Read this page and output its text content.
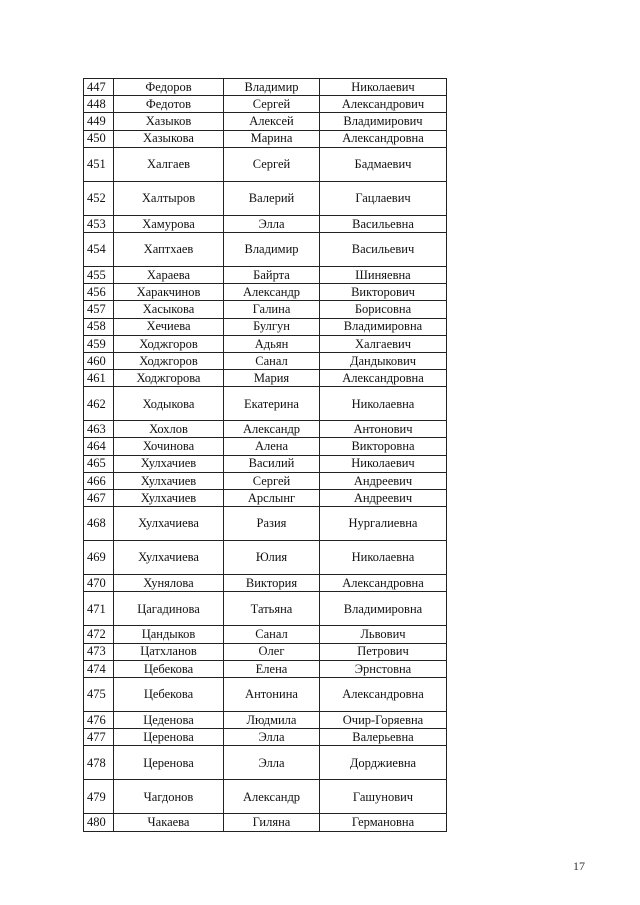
447	Федоров	Владимир	Николаевич
448	Федотов	Сергей	Александрович
449	Хазыков	Алексей	Владимирович
450	Хазыкова	Марина	Александровна
451	Халгаев	Сергей	Бадмаевич
452	Халтыров	Валерий	Гацлаевич
453	Хамурова	Элла	Васильевна
454	Хаптхаев	Владимир	Васильевич
455	Хараева	Байрта	Шиняевна
456	Харакчинов	Александр	Викторович
457	Хасыкова	Галина	Борисовна
458	Хечиева	Булгун	Владимировна
459	Ходжгоров	Адьян	Халгаевич
460	Ходжгоров	Санал	Дандыкович
461	Ходжгорова	Мария	Александровна
462	Ходыкова	Екатерина	Николаевна
463	Хохлов	Александр	Антонович
464	Хочинова	Алена	Викторовна
465	Хулхачиев	Василий	Николаевич
466	Хулхачиев	Сергей	Андреевич
467	Хулхачиев	Арслынг	Андреевич
468	Хулхачиева	Разия	Нургалиевна
469	Хулхачиева	Юлия	Николаевна
470	Хунялова	Виктория	Александровна
471	Цагадинова	Татьяна	Владимировна
472	Цандыков	Санал	Львович
473	Цатхланов	Олег	Петрович
474	Цебекова	Елена	Эрнстовна
475	Цебекова	Антонина	Александровна
476	Цеденова	Людмила	Очир-Горяевна
477	Церенова	Элла	Валерьевна
478	Церенова	Элла	Дорджиевна
479	Чагдонов	Александр	Гашунович
480	Чакаева	Гиляна	Германовна
17
